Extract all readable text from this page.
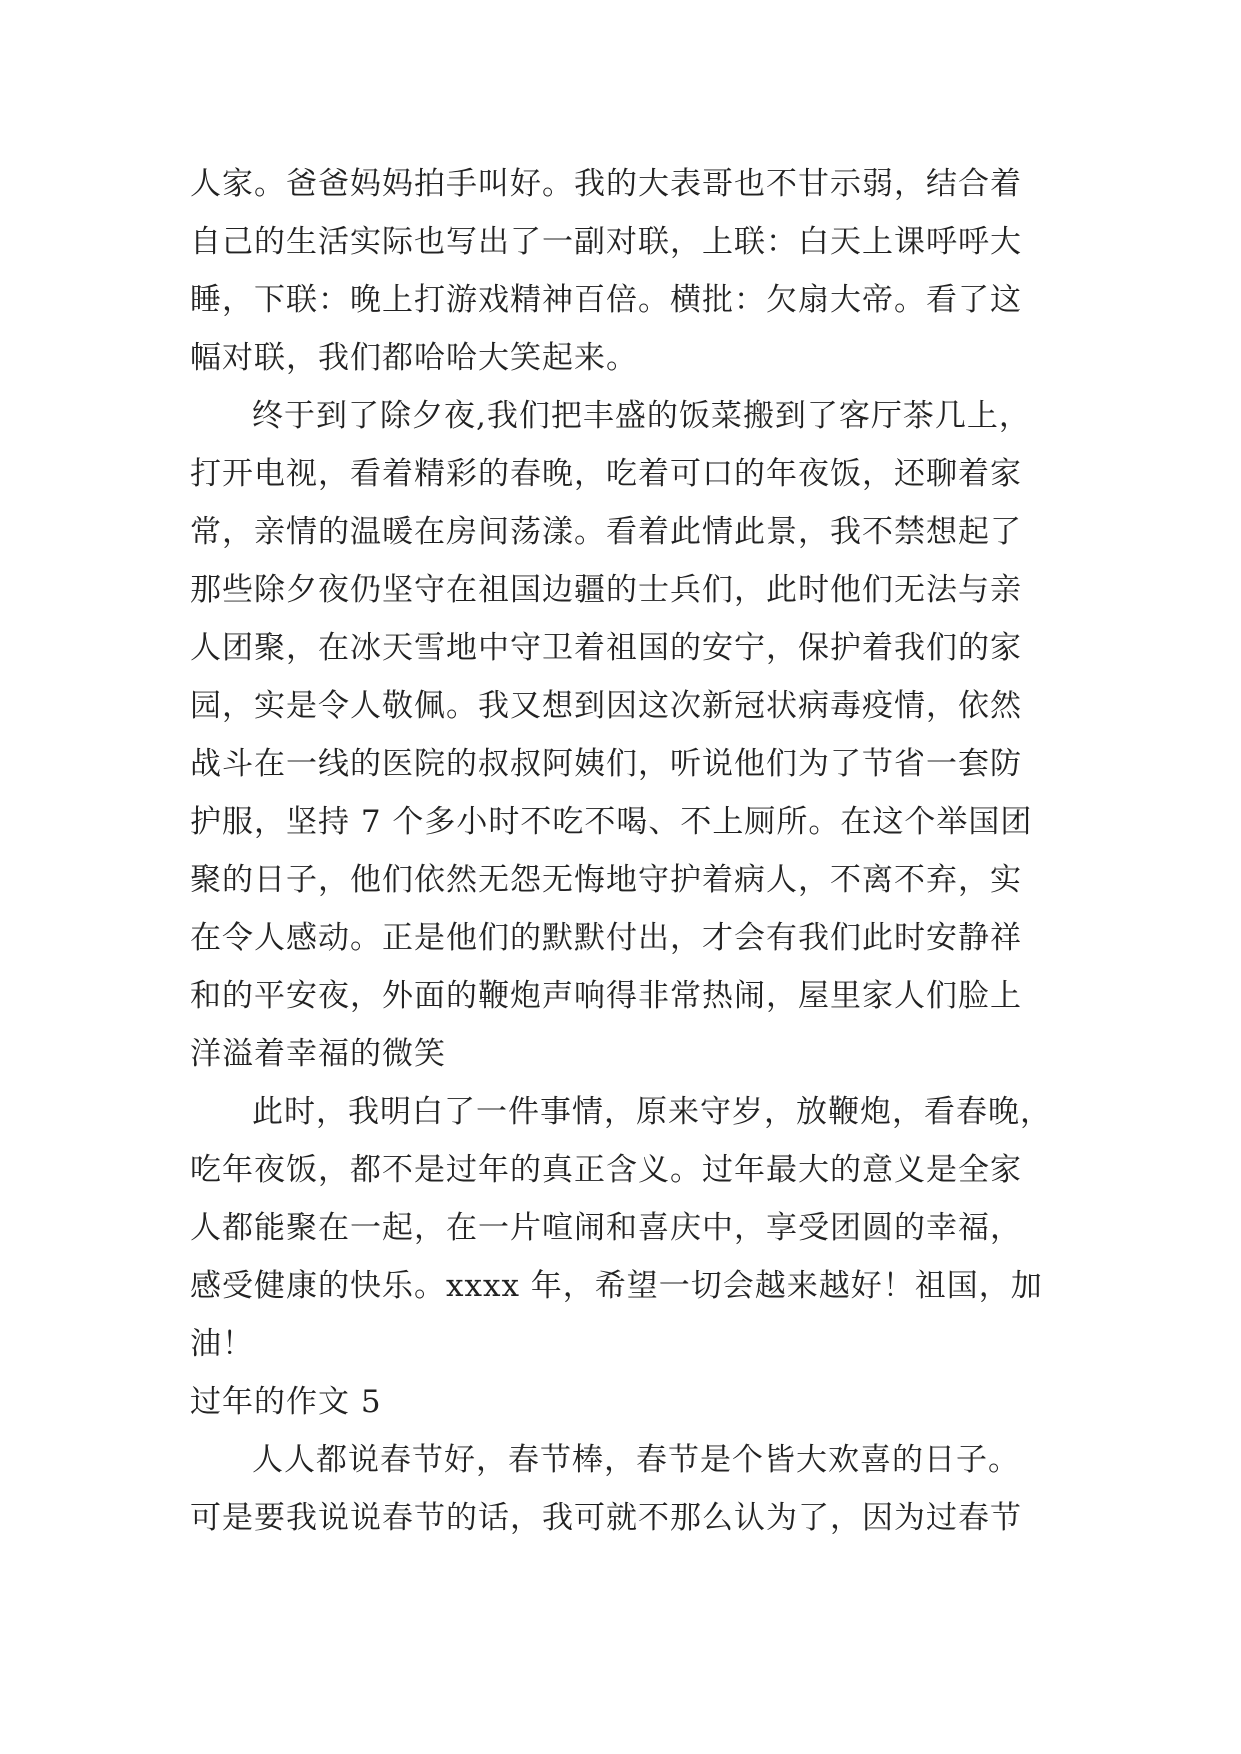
人家。爸爸妈妈拍手叫好。我的大表哥也不甘示弱，结合着

自己的生活实际也写出了一副对联，上联：白天上课呼呼大

睡，下联：晚上打游戏精神百倍。横批：欠扇大帝。看了这

幅对联，我们都哈哈大笑起来。

终于到了除夕夜,我们把丰盛的饭菜搬到了客厅茶几上，

打开电视，看着精彩的春晚，吃着可口的年夜饭，还聊着家

常，亲情的温暖在房间荡漾。看着此情此景，我不禁想起了

那些除夕夜仍坚守在祖国边疆的士兵们，此时他们无法与亲

人团聚，在冰天雪地中守卫着祖国的安宁，保护着我们的家

园，实是令人敬佩。我又想到因这次新冠状病毒疫情，依然

战斗在一线的医院的叔叔阿姨们，听说他们为了节省一套防

护服，坚持 7 个多小时不吃不喝、不上厕所。在这个举国团

聚的日子，他们依然无怨无悔地守护着病人，不离不弃，实

在令人感动。正是他们的默默付出，才会有我们此时安静祥

和的平安夜，外面的鞭炮声响得非常热闹，屋里家人们脸上

洋溢着幸福的微笑

此时，我明白了一件事情，原来守岁，放鞭炮，看春晚，

吃年夜饭，都不是过年的真正含义。过年最大的意义是全家

人都能聚在一起，在一片喧闹和喜庆中，享受团圆的幸福，

感受健康的快乐。xxxx 年，希望一切会越来越好！祖国，加

油！

过年的作文 5

人人都说春节好，春节棒，春节是个皆大欢喜的日子。

可是要我说说春节的话，我可就不那么认为了，因为过春节
